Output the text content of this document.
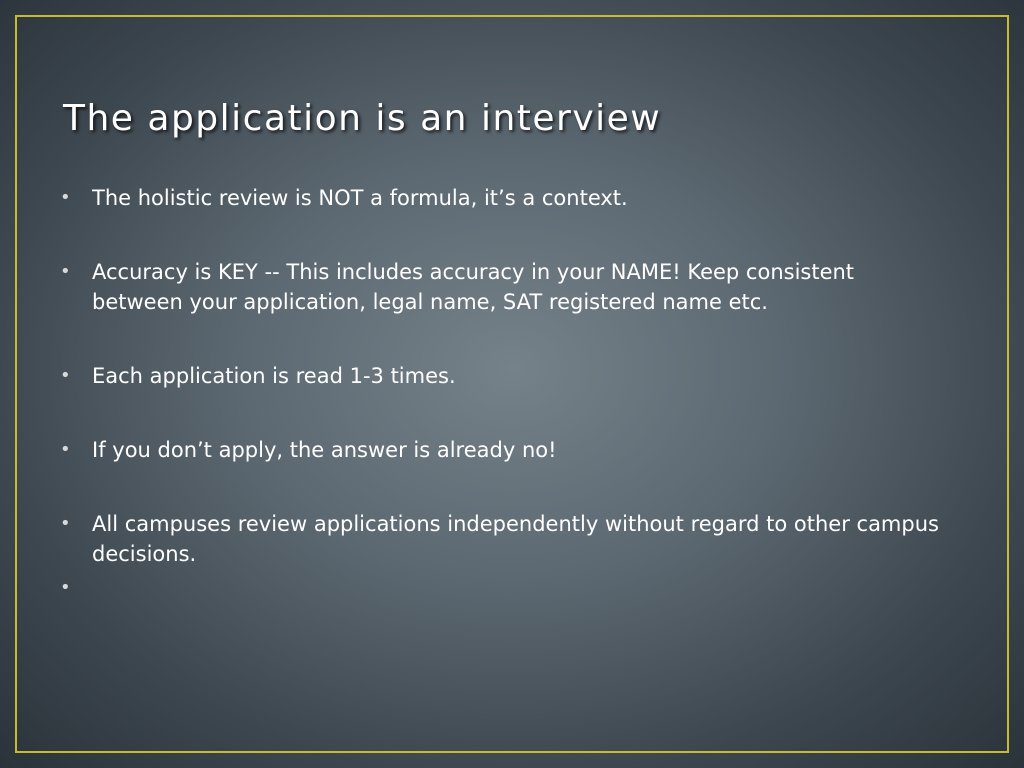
The application is an interview
• The holistic review is NOT a formula, it’s a context.
• Accuracy is KEY -- This includes accuracy in your NAME! Keep consistent between your application, legal name, SAT registered name etc.
• Each application is read 1-3 times.
• If you don’t apply, the answer is already no!
• All campuses review applications independently without regard to other campus decisions.
•
